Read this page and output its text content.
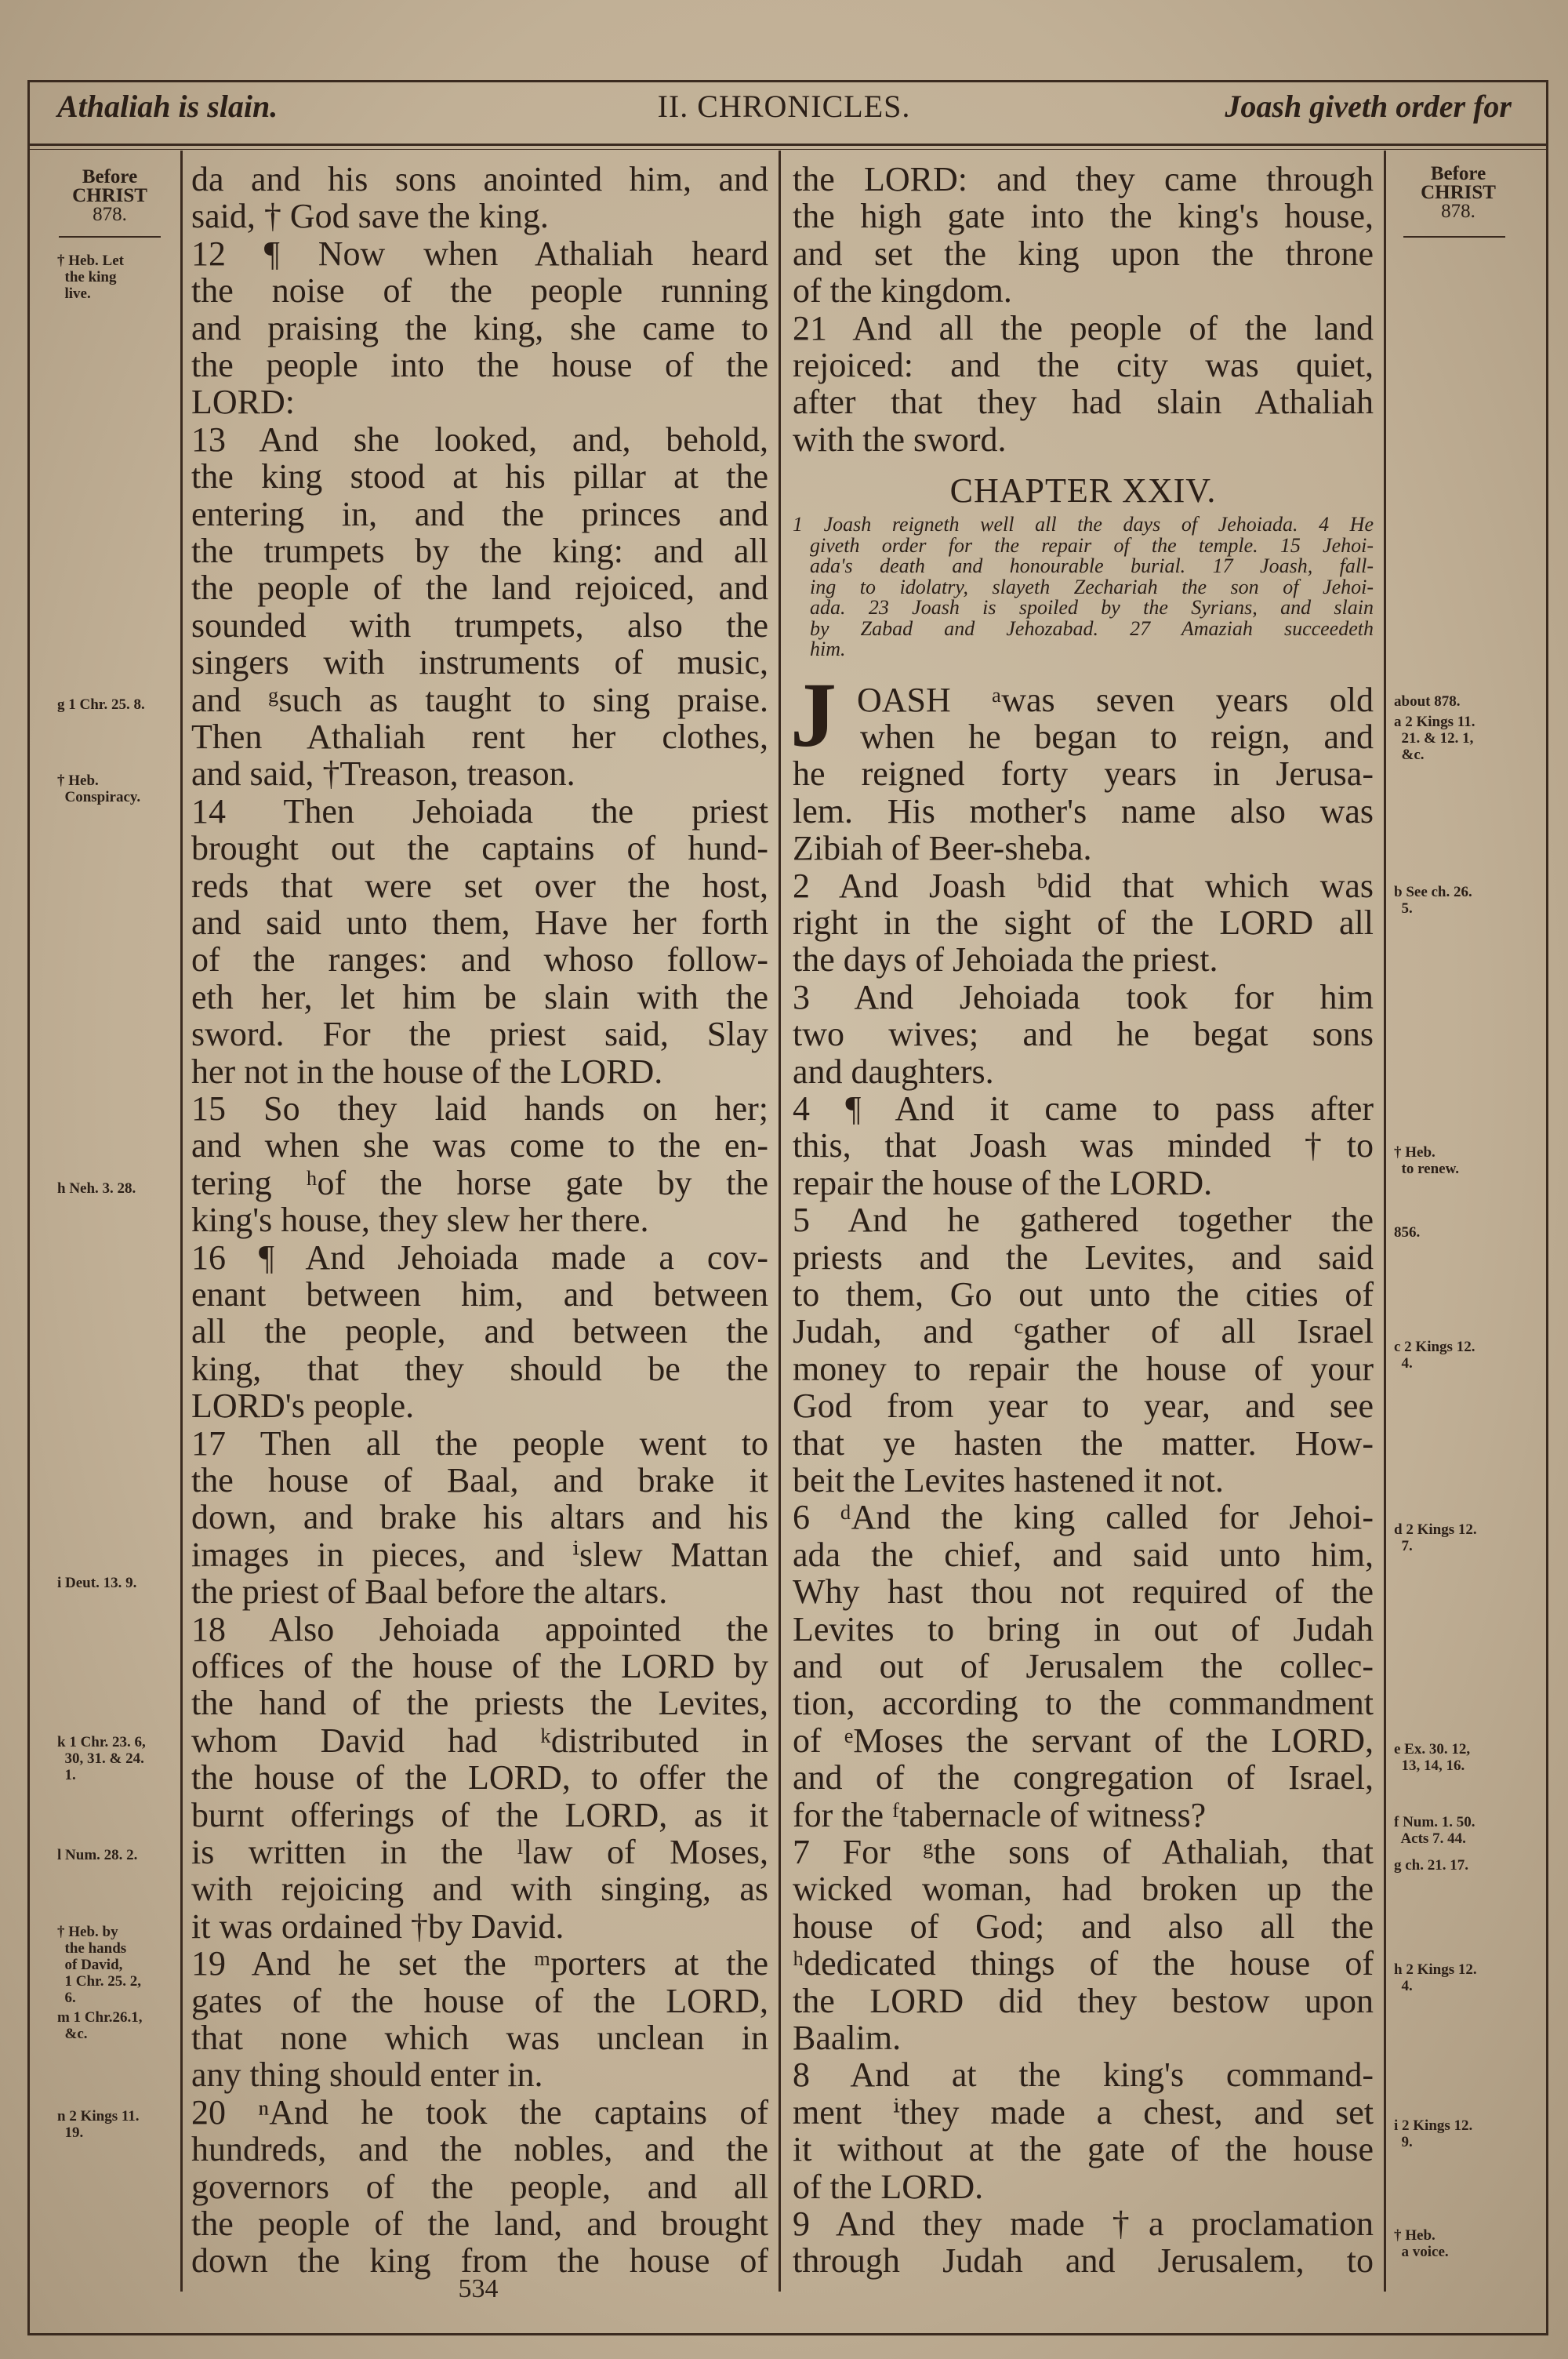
Athaliah is slain.	II. CHRONICLES.	Joash giveth order for
Before
CHRIST
878.
Before
CHRIST
878.
† Heb. Let
the king
live.
g 1 Chr. 25. 8.
† Heb.
Conspiracy.
h Neh. 3. 28.
i Deut. 13. 9.
k 1 Chr. 23. 6,
30, 31. & 24.
1.
l Num. 28. 2.
† Heb. by
the hands
of David,
1 Chr. 25. 2,
6.
m 1 Chr.26.1,
&c.
n 2 Kings 11.
19.
about 878.
a 2 Kings 11.
21. & 12. 1,
&c.
b See ch. 26.
5.
† Heb.
to renew.
856.
c 2 Kings 12.
4.
d 2 Kings 12.
7.
e Ex. 30. 12,
13, 14, 16.
f Num. 1. 50.
Acts 7. 44.
g ch. 21. 17.
h 2 Kings 12.
4.
i 2 Kings 12.
9.
† Heb.
a voice.
da and his sons anointed him, and
said, † God save the king.
12 ¶ Now when Athaliah heard
the noise of the people running
and praising the king, she came to
the people into the house of the
LORD:
13 And she looked, and, behold,
the king stood at his pillar at the
entering in, and the princes and
the trumpets by the king: and all
the people of the land rejoiced, and
sounded with trumpets, also the
singers with instruments of music,
and ᵍsuch as taught to sing praise.
Then Athaliah rent her clothes,
and said, †Treason, treason.
14 Then Jehoiada the priest
brought out the captains of hund-
reds that were set over the host,
and said unto them, Have her forth
of the ranges: and whoso follow-
eth her, let him be slain with the
sword. For the priest said, Slay
her not in the house of the LORD.
15 So they laid hands on her;
and when she was come to the en-
tering ʰof the horse gate by the
king's house, they slew her there.
16 ¶ And Jehoiada made a cov-
enant between him, and between
all the people, and between the
king, that they should be the
LORD's people.
17 Then all the people went to
the house of Baal, and brake it
down, and brake his altars and his
images in pieces, and ⁱslew Mattan
the priest of Baal before the altars.
18 Also Jehoiada appointed the
offices of the house of the LORD by
the hand of the priests the Levites,
whom David had ᵏdistributed in
the house of the LORD, to offer the
burnt offerings of the LORD, as it
is written in the ˡlaw of Moses,
with rejoicing and with singing, as
it was ordained †by David.
19 And he set the ᵐporters at the
gates of the house of the LORD,
that none which was unclean in
any thing should enter in.
20 ⁿAnd he took the captains of
hundreds, and the nobles, and the
governors of the people, and all
the people of the land, and brought
down the king from the house of
the LORD: and they came through
the high gate into the king's house,
and set the king upon the throne
of the kingdom.
21 And all the people of the land
rejoiced: and the city was quiet,
after that they had slain Athaliah
with the sword.
OASH ᵃwas seven years old
when he began to reign, and
he reigned forty years in Jerusa-
lem. His mother's name also was
Zibiah of Beer-sheba.
2 And Joash ᵇdid that which was
right in the sight of the LORD all
the days of Jehoiada the priest.
3 And Jehoiada took for him
two wives; and he begat sons
and daughters.
4 ¶ And it came to pass after
this, that Joash was minded †to
repair the house of the LORD.
5 And he gathered together the
priests and the Levites, and said
to them, Go out unto the cities of
Judah, and ᶜgather of all Israel
money to repair the house of your
God from year to year, and see
that ye hasten the matter. How-
beit the Levites hastened it not.
6 ᵈAnd the king called for Jehoi-
ada the chief, and said unto him,
Why hast thou not required of the
Levites to bring in out of Judah
and out of Jerusalem the collec-
tion, according to the commandment
of ᵉMoses the servant of the LORD,
and of the congregation of Israel,
for the ᶠtabernacle of witness?
7 For ᵍthe sons of Athaliah, that
wicked woman, had broken up the
house of God; and also all the
ʰdedicated things of the house of
the LORD did they bestow upon
Baalim.
8 And at the king's command-
ment ⁱthey made a chest, and set
it without at the gate of the house
of the LORD.
9 And they made †a proclamation
through Judah and Jerusalem, to
CHAPTER XXIV.
1 Joash reigneth well all the days of Jehoiada. 4 He
giveth order for the repair of the temple. 15 Jehoi-
ada's death and honourable burial. 17 Joash, fall-
ing to idolatry, slayeth Zechariah the son of Jehoi-
ada. 23 Joash is spoiled by the Syrians, and slain
by Zabad and Jehozabad. 27 Amaziah succeedeth
him.
J
534
